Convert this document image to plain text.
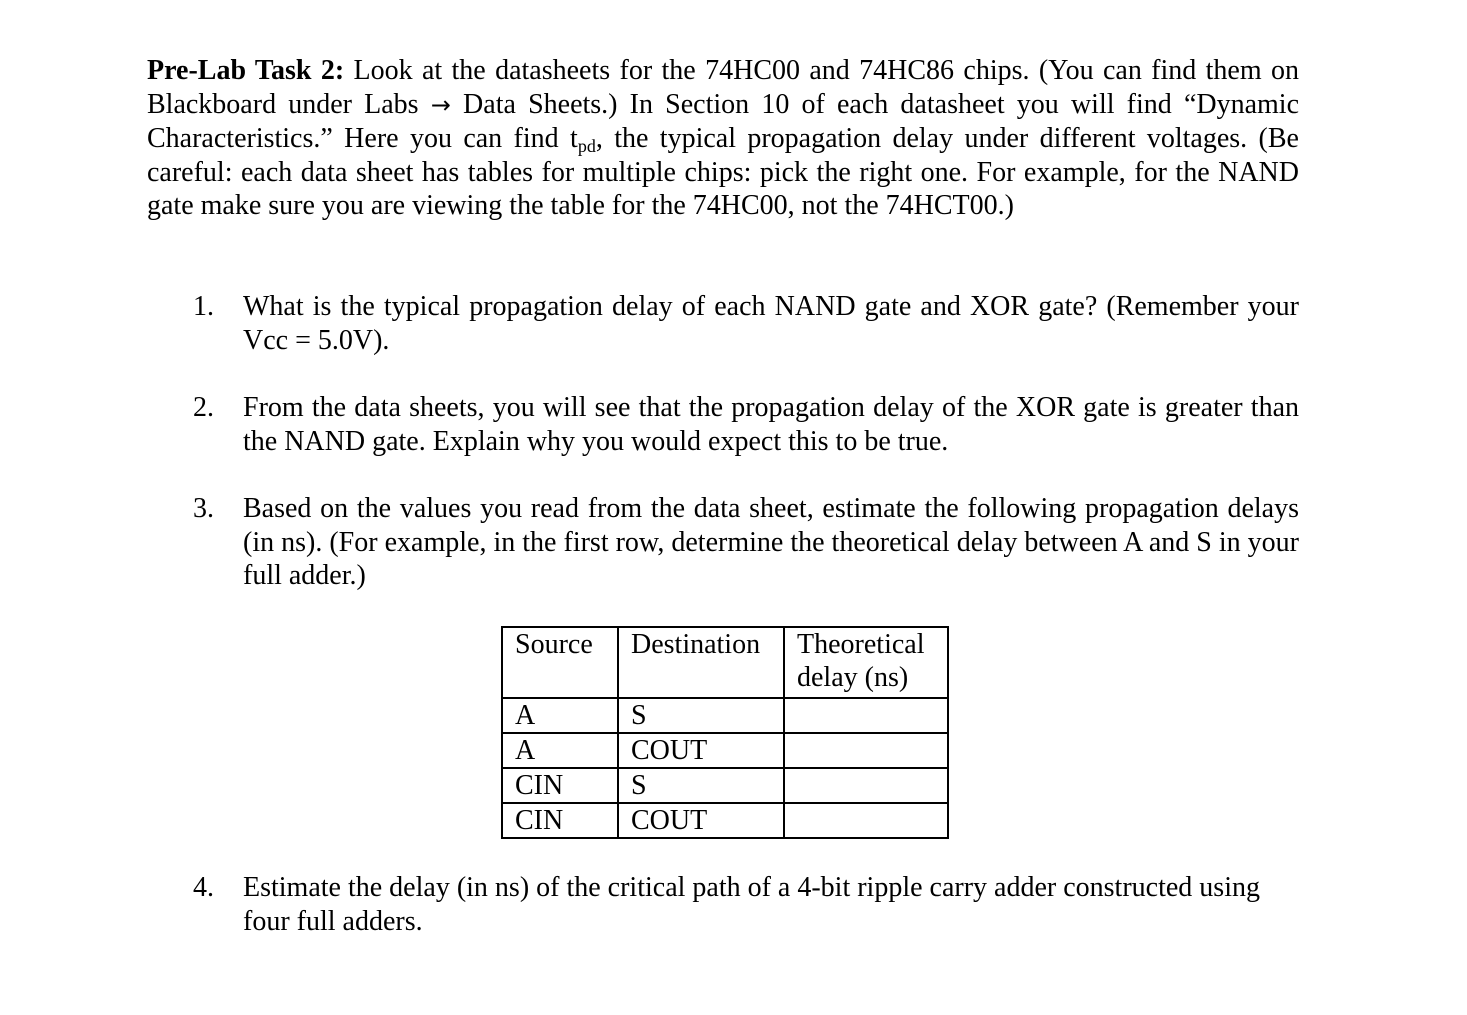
Pre-Lab Task 2: Look at the datasheets for the 74HC00 and 74HC86 chips. (You can find them on Blackboard under Labs → Data Sheets.) In Section 10 of each datasheet you will find “Dynamic Characteristics.” Here you can find $t_{pd}$, the typical propagation delay under different voltages. (Be careful: each data sheet has tables for multiple chips: pick the right one. For example, for the NAND gate make sure you are viewing the table for the 74HC00, not the 74HCT00.)

1. What is the typical propagation delay of each NAND gate and XOR gate? (Remember your Vcc = 5.0V).
2. From the data sheets, you will see that the propagation delay of the XOR gate is greater than the NAND gate. Explain why you would expect this to be true.
3. Based on the values you read from the data sheet, estimate the following propagation delays (in ns). (For example, in the first row, determine the theoretical delay between A and S in your full adder.)
Source	Destination	Theoretical delay (ns)
A	S	
A	COUT	
CIN	S	
CIN	COUT	
4. Estimate the delay (in ns) of the critical path of a 4-bit ripple carry adder constructed using four full adders.
